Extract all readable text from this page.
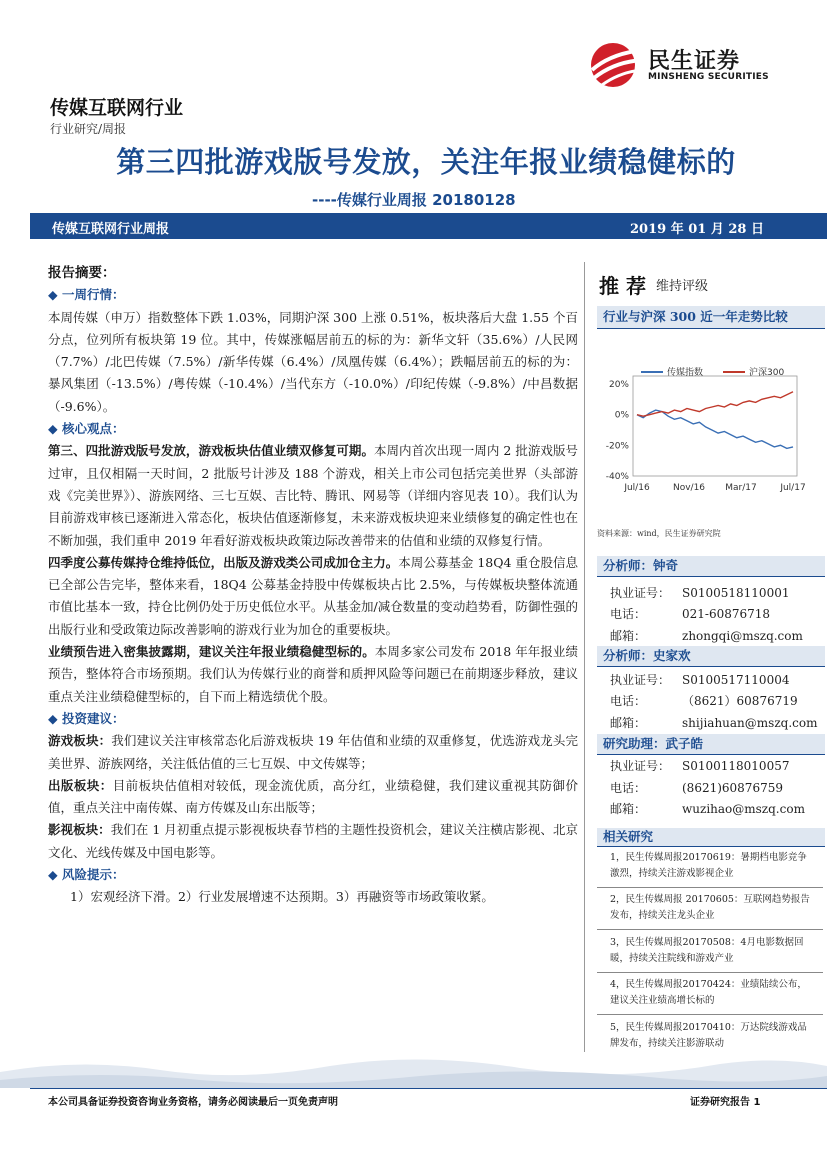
民生证券
MINSHENG SECURITIES
传媒互联网行业
行业研究/周报
第三四批游戏版号发放，关注年报业绩稳健标的
----传媒行业周报 20180128
传媒互联网行业周报	2019 年 01 月 28 日

报告摘要：

◆ 一周行情：

本周传媒（申万）指数整体下跌 1.03%，同期沪深 300 上涨 0.51%，板块落后大盘 1.55 个百分点，位列所有板块第 19 位。其中，传媒涨幅居前五的标的为：新华文轩（35.6%）/人民网（7.7%）/北巴传媒（7.5%）/新华传媒（6.4%）/凤凰传媒（6.4%）；跌幅居前五的标的为：暴风集团（-13.5%）/粤传媒（-10.4%）/当代东方（-10.0%）/印纪传媒（-9.8%）/中昌数据（-9.6%）。

◆ 核心观点：

第三、四批游戏版号发放，游戏板块估值业绩双修复可期。本周内首次出现一周内 2 批游戏版号过审，且仅相隔一天时间，2 批版号计涉及 188 个游戏，相关上市公司包括完美世界（头部游戏《完美世界》）、游族网络、三七互娱、吉比特、腾讯、网易等（详细内容见表 10）。我们认为目前游戏审核已逐渐进入常态化，板块估值逐渐修复，未来游戏板块迎来业绩修复的确定性也在不断加强，我们重申 2019 年看好游戏板块政策边际改善带来的估值和业绩的双修复行情。

四季度公募传媒持仓维持低位，出版及游戏类公司成加仓主力。本周公募基金 18Q4 重仓股信息已全部公告完毕，整体来看，18Q4 公募基金持股中传媒板块占比 2.5%，与传媒板块整体流通市值比基本一致，持仓比例仍处于历史低位水平。从基金加/减仓数量的变动趋势看，防御性强的出版行业和受政策边际改善影响的游戏行业为加仓的重要板块。

业绩预告进入密集披露期，建议关注年报业绩稳健型标的。本周多家公司发布 2018 年年报业绩预告，整体符合市场预期。我们认为传媒行业的商誉和质押风险等问题已在前期逐步释放，建议重点关注业绩稳健型标的，自下而上精选绩优个股。

◆ 投资建议：

游戏板块：我们建议关注审核常态化后游戏板块 19 年估值和业绩的双重修复，优选游戏龙头完美世界、游族网络，关注低估值的三七互娱、中文传媒等；

出版板块：目前板块估值相对较低，现金流优质，高分红，业绩稳健，我们建议重视其防御价值，重点关注中南传媒、南方传媒及山东出版等；

影视板块：我们在 1 月初重点提示影视板块春节档的主题性投资机会，建议关注横店影视、北京文化、光线传媒及中国电影等。

◆ 风险提示：

1）宏观经济下滑。2）行业发展增速不达预期。3）再融资等市场政策收紧。

推 荐 维持评级
行业与沪深 300 近一年走势比较
20%
0%
-20%
-40%
Jul/16	Nov/16 Mar/17	Jul/17
传媒指数	沪深300
资料来源：wind，民生证券研究院
分析师：钟奇
执业证号： S0100518110001
电话：	021-60876718
邮箱：	zhongqi@mszq.com
分析师：史家欢
执业证号： S0100517110004
电话：	（8621）60876719
邮箱：	shijiahuan@mszq.com
研究助理：武子皓
执业证号： S0100118010057
电话：	(8621)60876759
邮箱：	wuzihao@mszq.com
相关研究
1，民生传媒周报20170619：暑期档电影竞争激烈，持续关注游戏影视企业
2，民生传媒周报 20170605：互联网趋势报告发布，持续关注龙头企业
3，民生传媒周报20170508：4月电影数据回暖，持续关注院线和游戏产业
4，民生传媒周报20170424：业绩陆续公布，建议关注业绩高增长标的
5，民生传媒周报20170410：万达院线游戏品牌发布，持续关注影游联动
本公司具备证券投资咨询业务资格，请务必阅读最后一页免责声明	证券研究报告 1
